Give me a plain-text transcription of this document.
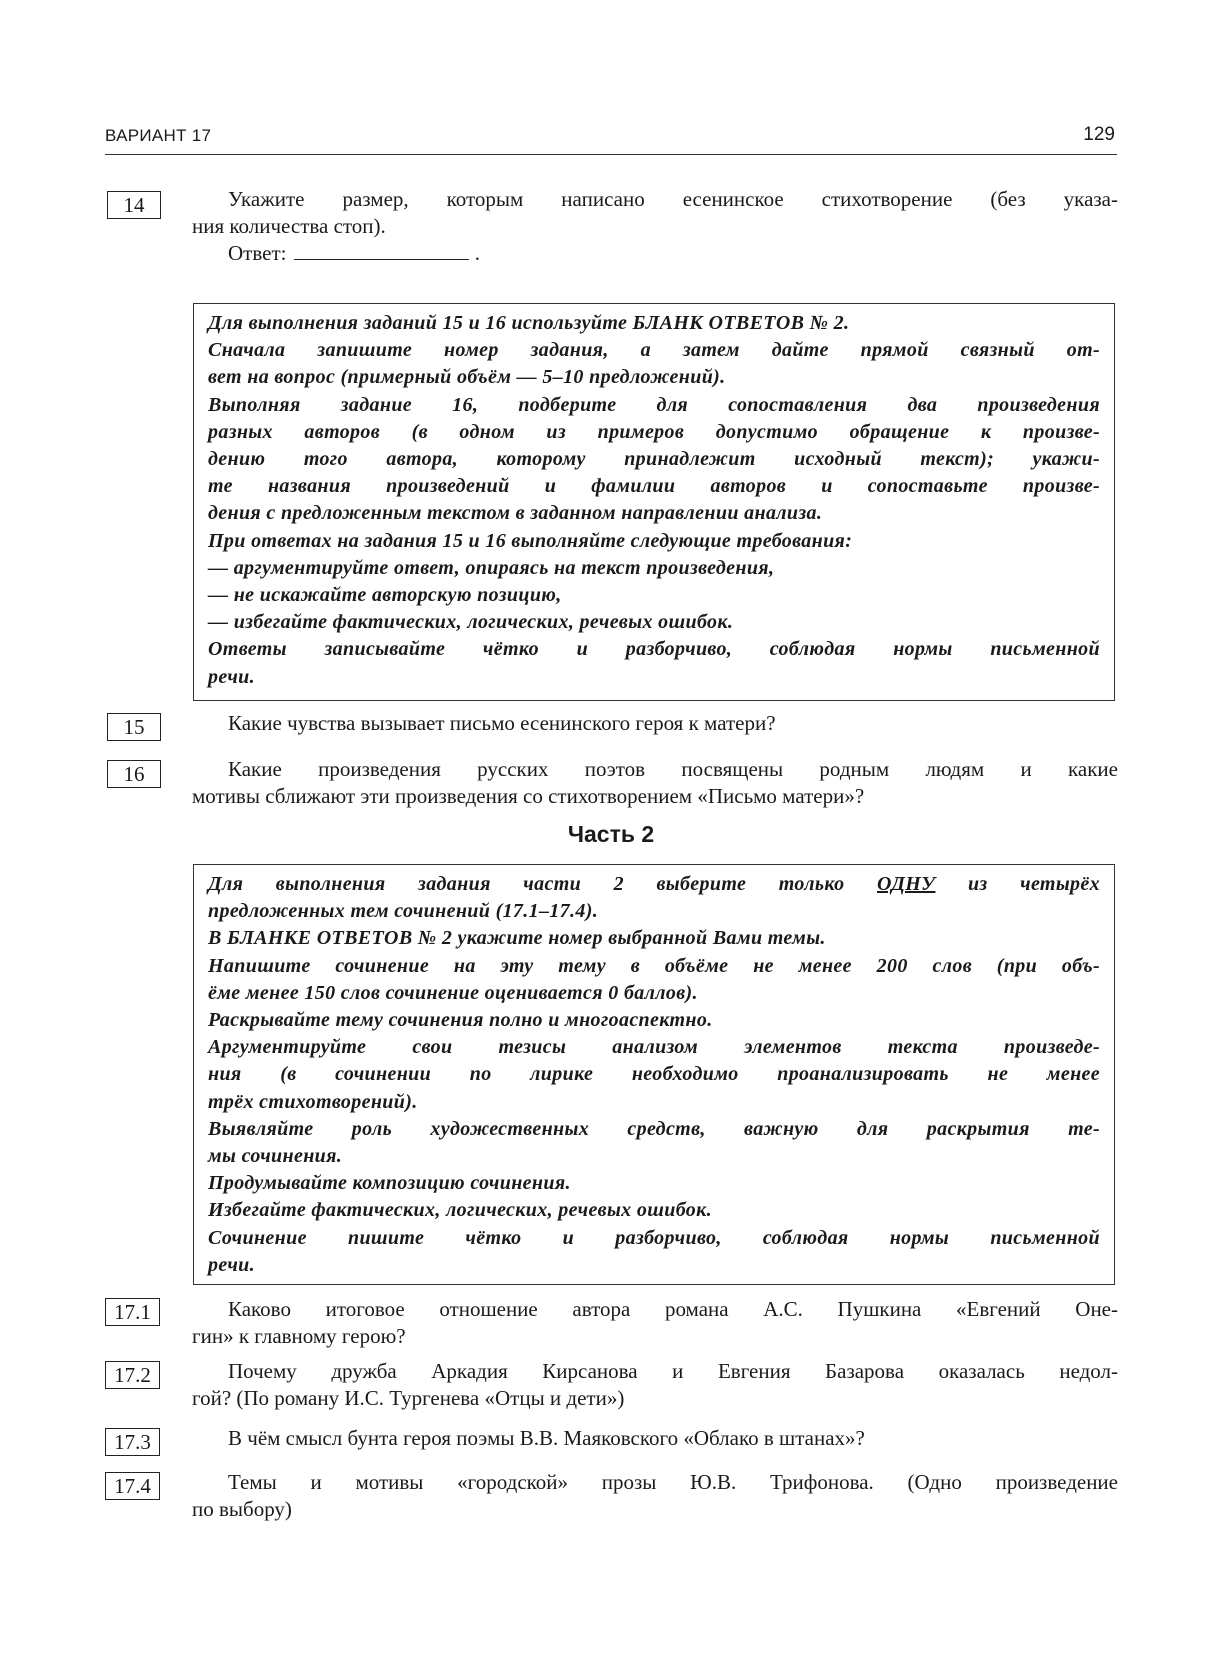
ВАРИАНТ 17	129
14	Укажите размер, которым написано есенинское стихотворение (без указа-
ния количества стоп).
Ответ:	.

Для выполнения заданий 15 и 16 используйте БЛАНК ОТВЕТОВ № 2.

Сначала запишите номер задания, а затем дайте прямой связный от-

вет на вопрос (примерный объём — 5–10 предложений).

Выполняя задание 16, подберите для сопоставления два произведения

разных авторов (в одном из примеров допустимо обращение к произве-

дению того автора, которому принадлежит исходный текст); укажи-

те названия произведений и фамилии авторов и сопоставьте произве-

дения с предложенным текстом в заданном направлении анализа.

При ответах на задания 15 и 16 выполняйте следующие требования:

— аргументируйте ответ, опираясь на текст произведения,

— не искажайте авторскую позицию,

— избегайте фактических, логических, речевых ошибок.

Ответы записывайте чётко и разборчиво, соблюдая нормы письменной

речи.

15	Какие чувства вызывает письмо есенинского героя к матери?
16	Какие произведения русских поэтов посвящены родным людям и какие
мотивы сближают эти произведения со стихотворением «Письмо матери»?
Часть 2

Для выполнения задания части 2 выберите только ОДНУ из четырёх

предложенных тем сочинений (17.1–17.4).

В БЛАНКЕ ОТВЕТОВ № 2 укажите номер выбранной Вами темы.

Напишите сочинение на эту тему в объёме не менее 200 слов (при объ-

ёме менее 150 слов сочинение оценивается 0 баллов).

Раскрывайте тему сочинения полно и многоаспектно.

Аргументируйте свои тезисы анализом элементов текста произведе-

ния (в сочинении по лирике необходимо проанализировать не менее

трёх стихотворений).

Выявляйте роль художественных средств, важную для раскрытия те-

мы сочинения.

Продумывайте композицию сочинения.

Избегайте фактических, логических, речевых ошибок.

Сочинение пишите чётко и разборчиво, соблюдая нормы письменной

речи.

17.1	Каково итоговое отношение автора романа А.С. Пушкина «Евгений Оне-
гин» к главному герою?
17.2	Почему дружба Аркадия Кирсанова и Евгения Базарова оказалась недол-
гой? (По роману И.С. Тургенева «Отцы и дети»)
17.3	В чём смысл бунта героя поэмы В.В. Маяковского «Облако в штанах»?
17.4	Темы и мотивы «городской» прозы Ю.В. Трифонова. (Одно произведение
по выбору)
